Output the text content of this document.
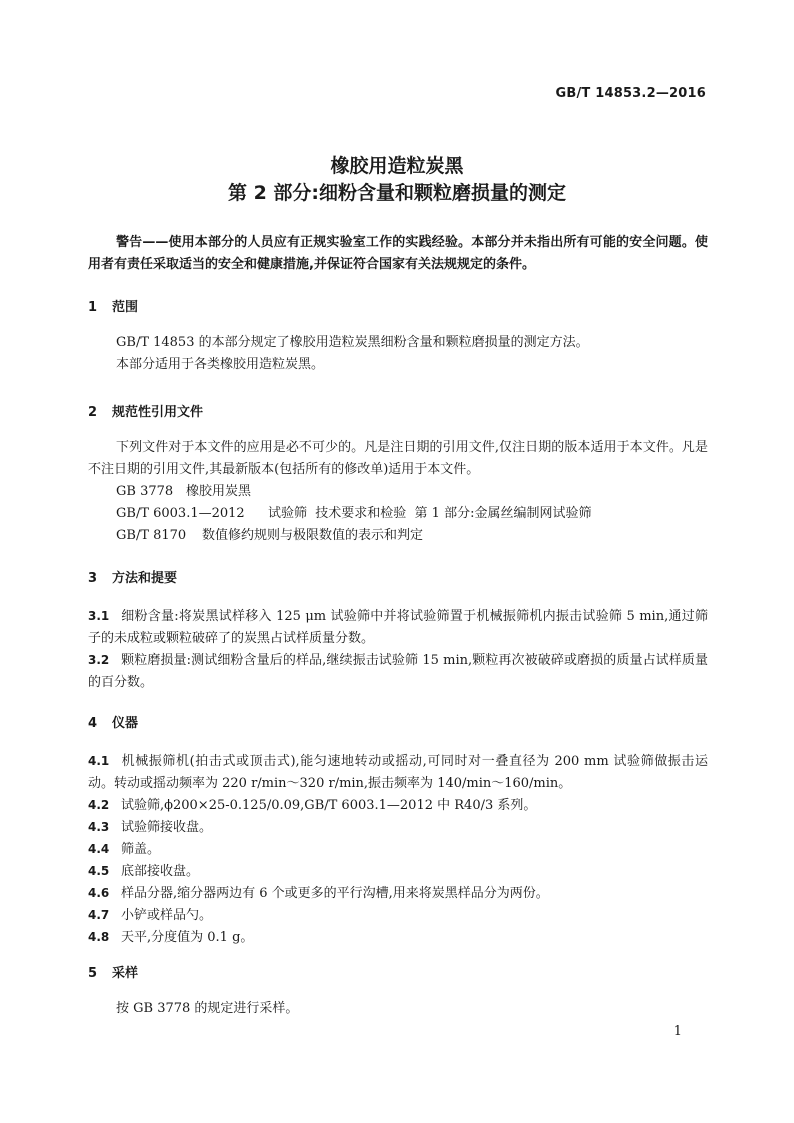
GB/T 14853.2—2016
橡胶用造粒炭黑
第 2 部分:细粉含量和颗粒磨损量的测定
警告——使用本部分的人员应有正规实验室工作的实践经验。本部分并未指出所有可能的安全问题。使用者有责任采取适当的安全和健康措施,并保证符合国家有关法规规定的条件。
1 范围
GB/T 14853 的本部分规定了橡胶用造粒炭黑细粉含量和颗粒磨损量的测定方法。
本部分适用于各类橡胶用造粒炭黑。
2 规范性引用文件
下列文件对于本文件的应用是必不可少的。凡是注日期的引用文件,仅注日期的版本适用于本文件。凡是不注日期的引用文件,其最新版本(包括所有的修改单)适用于本文件。
GB 3778 橡胶用炭黑
GB/T 6003.1—2012 试验筛  技术要求和检验  第 1 部分:金属丝编制网试验筛
GB/T 8170 数值修约规则与极限数值的表示和判定
3 方法和提要
3.1 细粉含量:将炭黑试样移入 125 μm 试验筛中并将试验筛置于机械振筛机内振击试验筛 5 min,通过筛子的未成粒或颗粒破碎了的炭黑占试样质量分数。
3.2 颗粒磨损量:测试细粉含量后的样品,继续振击试验筛 15 min,颗粒再次被破碎或磨损的质量占试样质量的百分数。
4 仪器
4.1 机械振筛机(拍击式或顶击式),能匀速地转动或摇动,可同时对一叠直径为 200 mm 试验筛做振击运动。转动或摇动频率为 220 r/min～320 r/min,振击频率为 140/min～160/min。
4.2 试验筛,ϕ200×25-0.125/0.09,GB/T 6003.1—2012 中 R40/3 系列。
4.3 试验筛接收盘。
4.4 筛盖。
4.5 底部接收盘。
4.6 样品分器,缩分器两边有 6 个或更多的平行沟槽,用来将炭黑样品分为两份。
4.7 小铲或样品勺。
4.8 天平,分度值为 0.1 g。
5 采样
按 GB 3778 的规定进行采样。
1
